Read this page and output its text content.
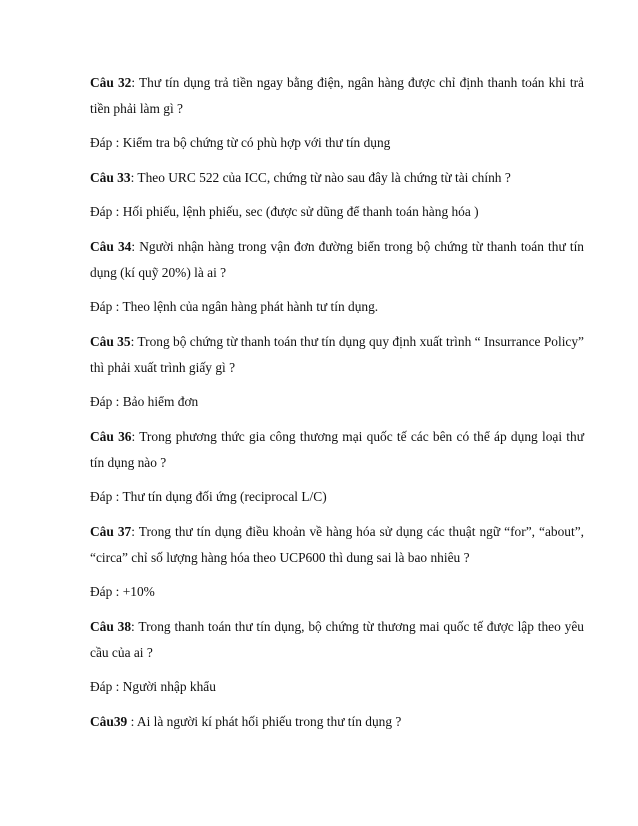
Câu 32: Thư tín dụng trả tiền ngay bằng điện, ngân hàng được chỉ định thanh toán khi trả tiền phải làm gì ?

Đáp : Kiểm tra bộ chứng từ có phù hợp với thư tín dụng

Câu 33: Theo URC 522 của ICC, chứng từ nào sau đây là chứng từ tài chính ?

Đáp : Hối phiếu, lệnh phiếu, sec (được sử dũng để thanh toán hàng hóa )

Câu 34: Người nhận hàng trong vận đơn đường biển trong bộ chứng từ thanh toán thư tín dụng (kí quỹ 20%) là ai ?

Đáp : Theo lệnh của ngân hàng phát hành tư tín dụng.

Câu 35: Trong bộ chứng từ thanh toán thư tín dụng quy định xuất trình “ Insurrance Policy” thì phải xuất trình giấy gì ?

Đáp : Bảo hiểm đơn

Câu 36: Trong phương thức gia công thương mại quốc tế các bên có thể áp dụng loại thư tín dụng nào ?

Đáp : Thư tín dụng đối ứng (reciprocal L/C)

Câu 37: Trong thư tín dụng điều khoản về hàng hóa sử dụng các thuật ngữ “for”, “about”, “circa” chỉ số lượng hàng hóa theo UCP600 thì dung sai là bao nhiêu ?

Đáp : +10%

Câu 38: Trong thanh toán thư tín dụng, bộ chứng từ thương mai quốc tế được lập theo yêu cầu của ai ?

Đáp : Người nhập khẩu

Câu39 : Ai là người kí phát hối phiếu trong thư tín dụng ?
